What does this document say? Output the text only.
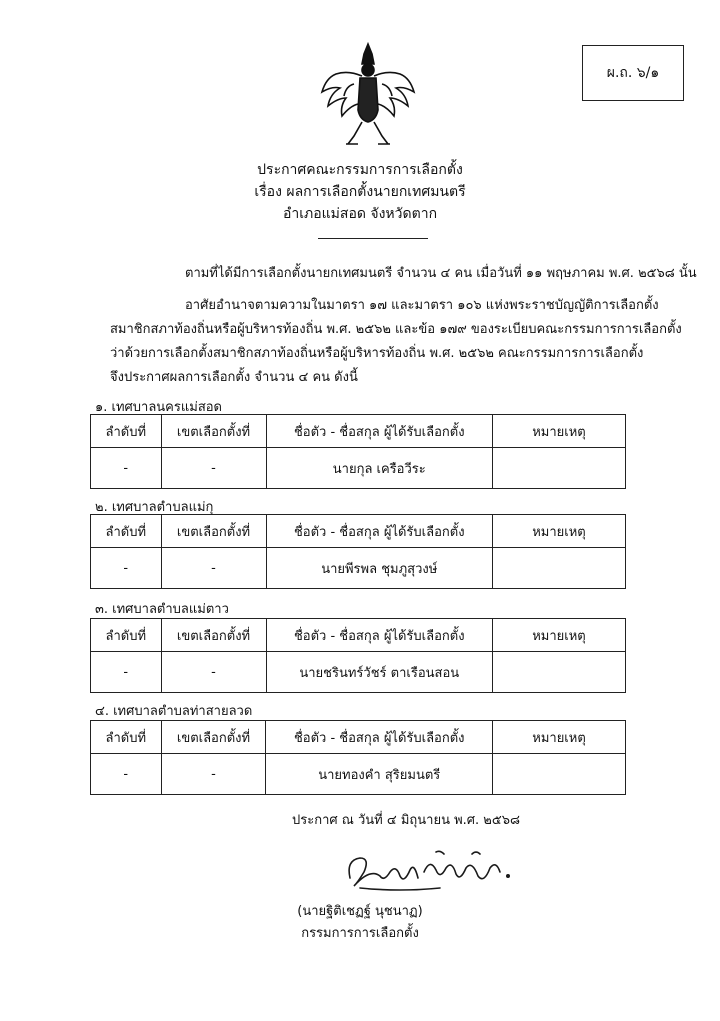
ผ.ถ. ๖/๑
ประกาศคณะกรรมการการเลือกตั้ง
เรื่อง ผลการเลือกตั้งนายกเทศมนตรี
อำเภอแม่สอด จังหวัดตาก
ตามที่ได้มีการเลือกตั้งนายกเทศมนตรี จำนวน ๔ คน เมื่อวันที่ ๑๑ พฤษภาคม พ.ศ. ๒๕๖๘ นั้น
อาศัยอำนาจตามความในมาตรา ๑๗ และมาตรา ๑๐๖ แห่งพระราชบัญญัติการเลือกตั้ง
สมาชิกสภาท้องถิ่นหรือผู้บริหารท้องถิ่น พ.ศ. ๒๕๖๒ และข้อ ๑๗๙ ของระเบียบคณะกรรมการการเลือกตั้ง
ว่าด้วยการเลือกตั้งสมาชิกสภาท้องถิ่นหรือผู้บริหารท้องถิ่น พ.ศ. ๒๕๖๒ คณะกรรมการการเลือกตั้ง
จึงประกาศผลการเลือกตั้ง จำนวน ๔ คน ดังนี้
๑. เทศบาลนครแม่สอด
ลำดับที่	เขตเลือกตั้งที่	ชื่อตัว - ชื่อสกุล ผู้ได้รับเลือกตั้ง	หมายเหตุ
-	-	นายกุล เครือวีระ	
๒. เทศบาลตำบลแม่กุ
ลำดับที่	เขตเลือกตั้งที่	ชื่อตัว - ชื่อสกุล ผู้ได้รับเลือกตั้ง	หมายเหตุ
-	-	นายพีรพล ชุมภูสุวงษ์	
๓. เทศบาลตำบลแม่ตาว
ลำดับที่	เขตเลือกตั้งที่	ชื่อตัว - ชื่อสกุล ผู้ได้รับเลือกตั้ง	หมายเหตุ
-	-	นายชรินทร์วัชร์ ตาเรือนสอน	
๔. เทศบาลตำบลท่าสายลวด
ลำดับที่	เขตเลือกตั้งที่	ชื่อตัว - ชื่อสกุล ผู้ได้รับเลือกตั้ง	หมายเหตุ
-	-	นายทองคำ สุริยมนตรี	
ประกาศ ณ วันที่ ๔ มิถุนายน พ.ศ. ๒๕๖๘
(นายฐิติเชฏฐ์ นุชนาฏ)
กรรมการการเลือกตั้ง
